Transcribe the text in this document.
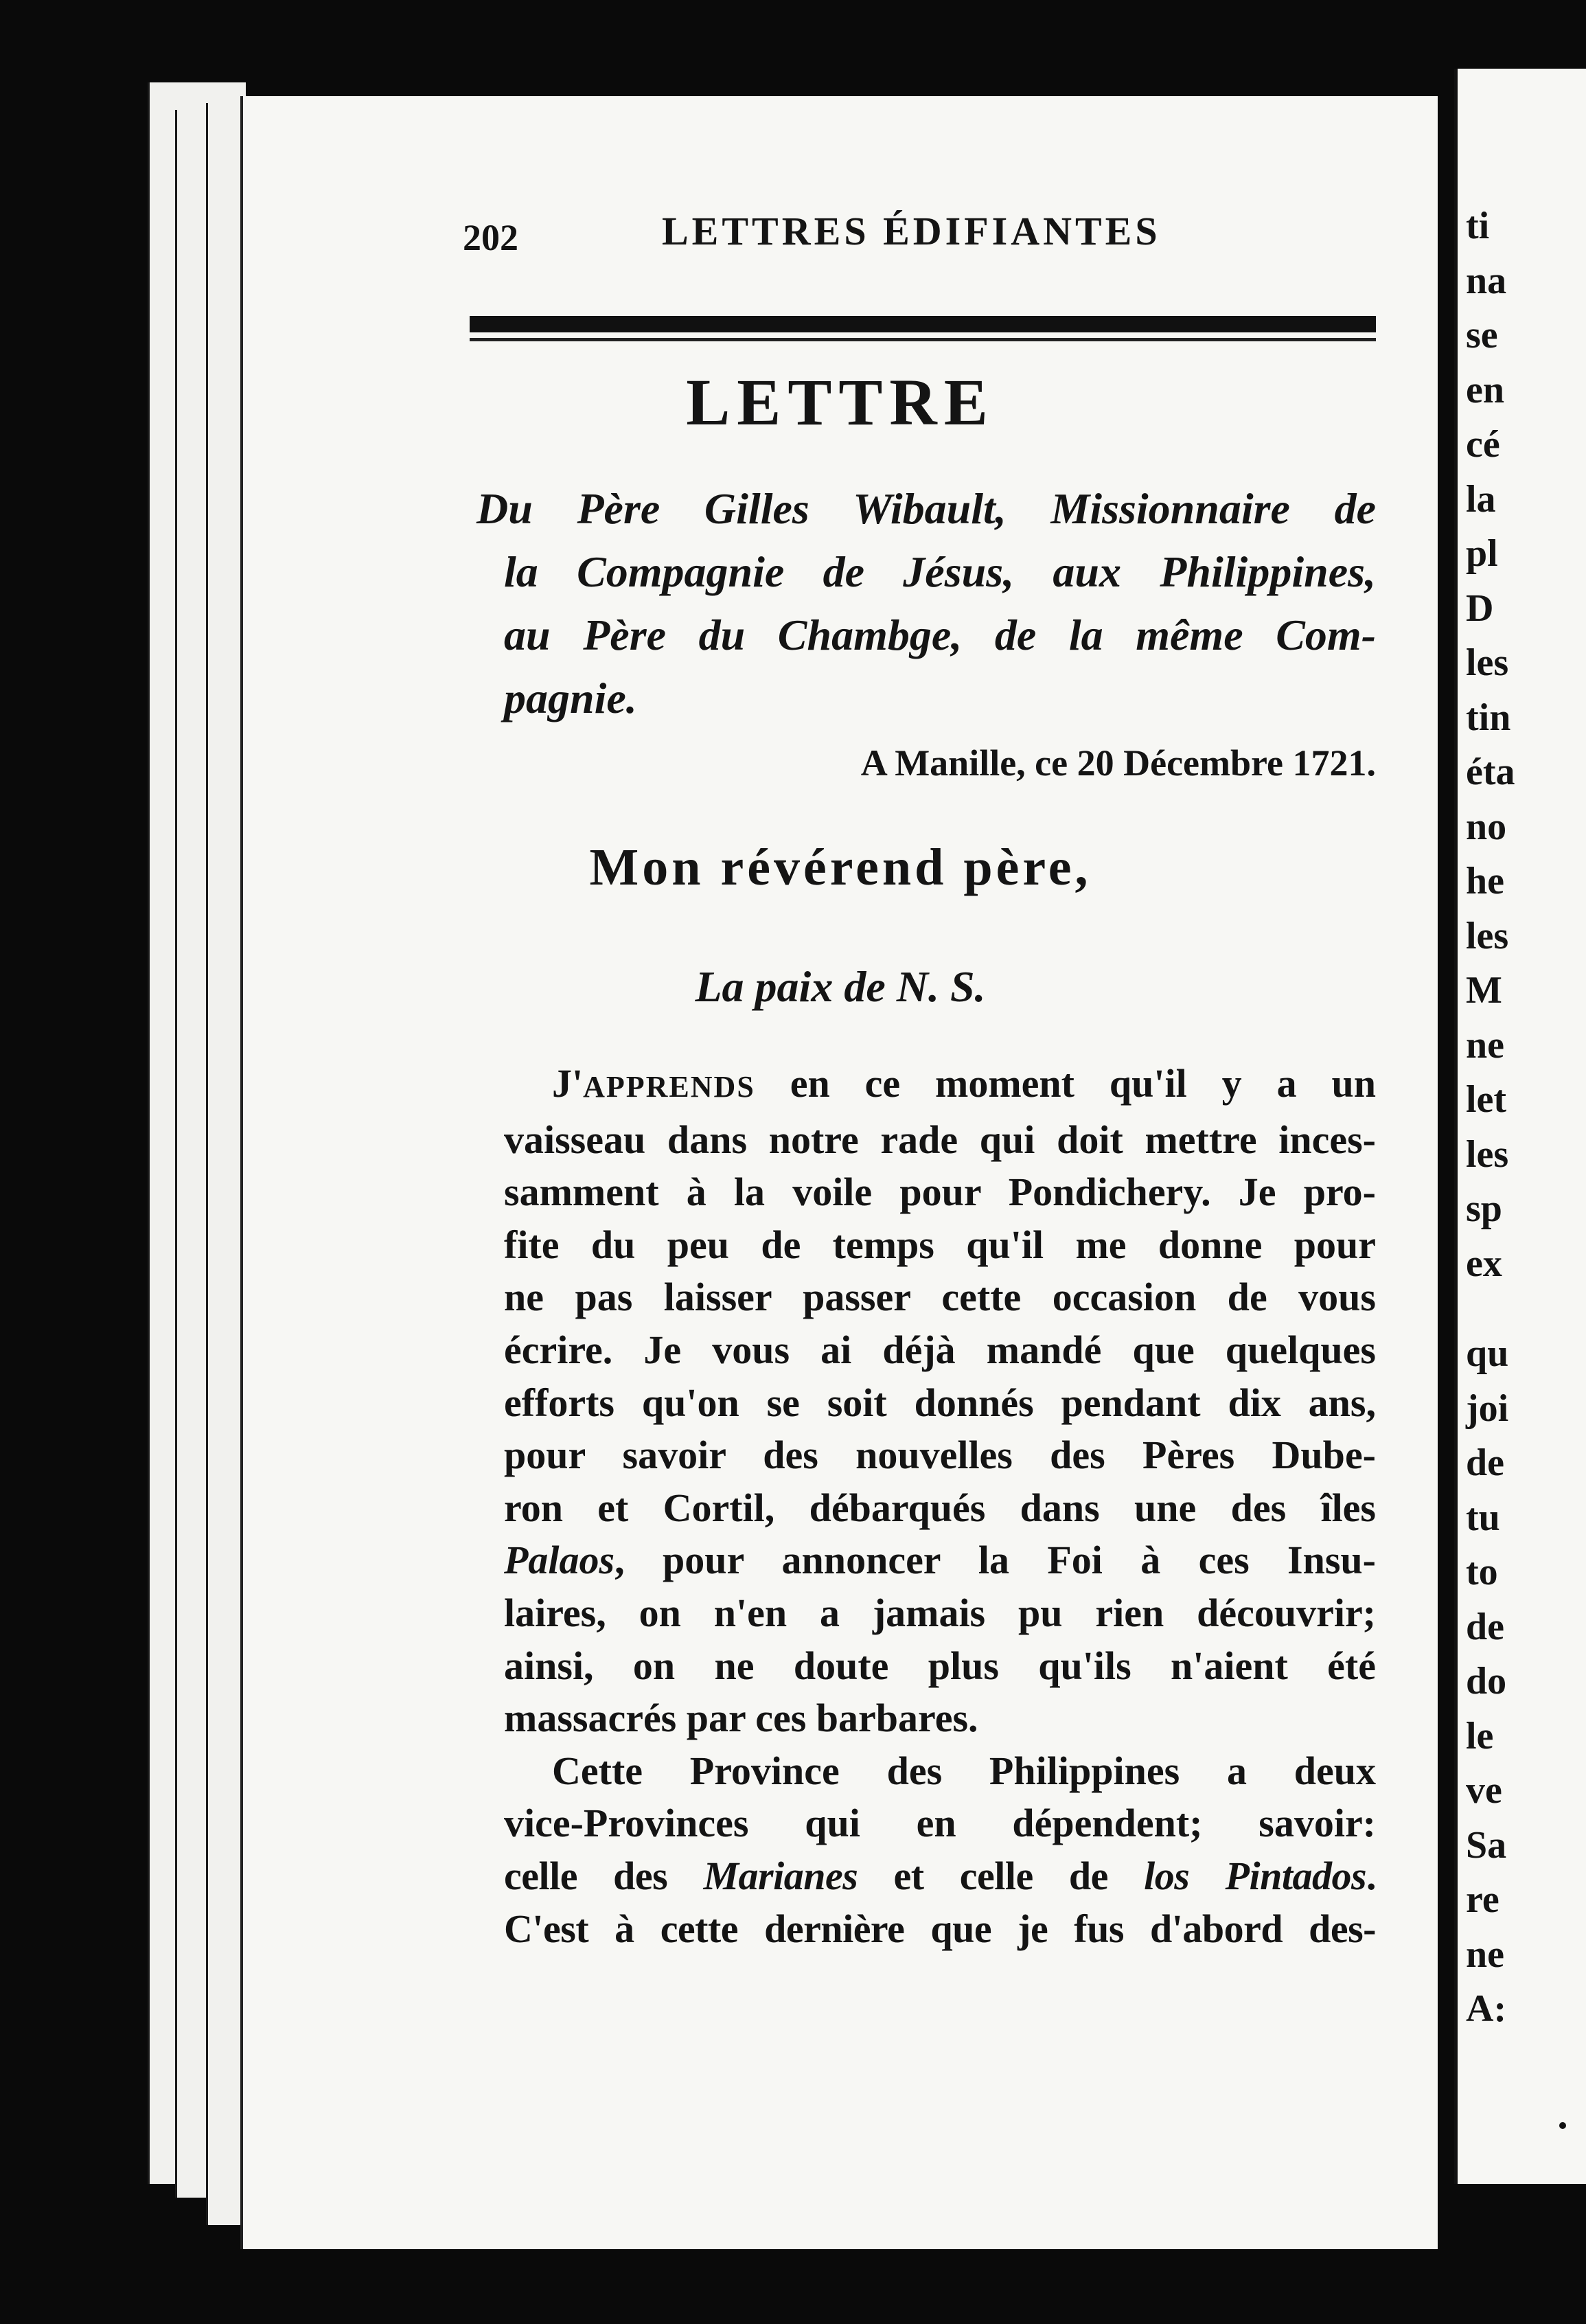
202	LETTRES ÉDIFIANTES
LETTRE
Du Père Gilles Wibault, Missionnaire de
la Compagnie de Jésus, aux Philippines,
au Père du Chambge, de la même Com-
pagnie.
A Manille, ce 20 Décembre 1721.
Mon révérend père,
La paix de N. S.

J'APPRENDS en ce moment qu'il y a un

vaisseau dans notre rade qui doit mettre inces-

samment à la voile pour Pondichery. Je pro-

fite du peu de temps qu'il me donne pour

ne pas laisser passer cette occasion de vous

écrire. Je vous ai déjà mandé que quelques

efforts qu'on se soit donnés pendant dix ans,

pour savoir des nouvelles des Pères Dube-

ron et Cortil, débarqués dans une des îles

Palaos, pour annoncer la Foi à ces Insu-

laires, on n'en a jamais pu rien découvrir;

ainsi, on ne doute plus qu'ils n'aient été

massacrés par ces barbares.

Cette Province des Philippines a deux

vice-Provinces qui en dépendent; savoir:

celle des Marianes et celle de los Pintados.

C'est à cette dernière que je fus d'abord des-

ti
na
se
en
cé
la
pl
D
les
tin
éta
no
he
les
M
ne
let
les
sp
ex
qu
joi
de
tu
to
de
do
le
ve
Sa
re
ne
A:
